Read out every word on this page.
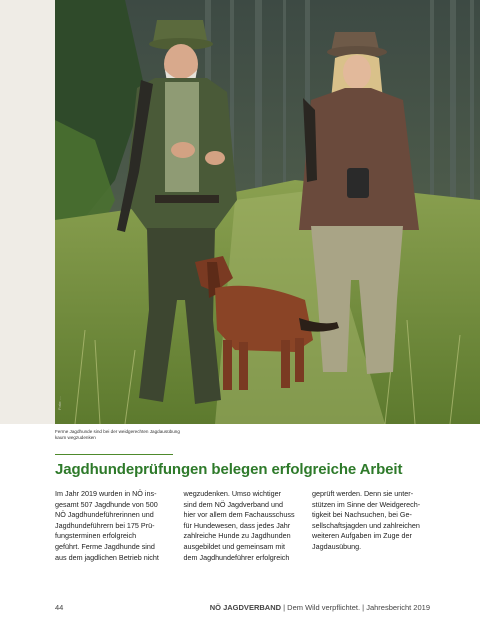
Foto: ...
Ferme Jagdhunde sind bei der weidgerechten Jagdausübung kaum wegzudenken
Jagdhundeprüfungen belegen erfolgreiche Arbeit

Im Jahr 2019 wurden in NÖ ins-
gesamt 507 Jagdhunde von 500
NÖ Jagdhundeführerinnen und
Jagdhundeführern bei 175 Prü-
fungsterminen erfolgreich
geführt. Ferme Jagdhunde sind
aus dem jagdlichen Betrieb nicht

wegzudenken. Umso wichtiger
sind dem NÖ Jagdverband und
hier vor allem dem Fachausschuss
für Hundewesen, dass jedes Jahr
zahlreiche Hunde zu Jagdhunden
ausgebildet und gemeinsam mit
dem Jagdhundeführer erfolgreich

geprüft werden. Denn sie unter-
stützen im Sinne der Weidgerech-
tigkeit bei Nachsuchen, bei Ge-
sellschaftsjagden und zahlreichen
weiteren Aufgaben im Zuge der
Jagdausübung.

44	NÖ JAGDVERBAND | Dem Wild verpflichtet. | Jahresbericht 2019
